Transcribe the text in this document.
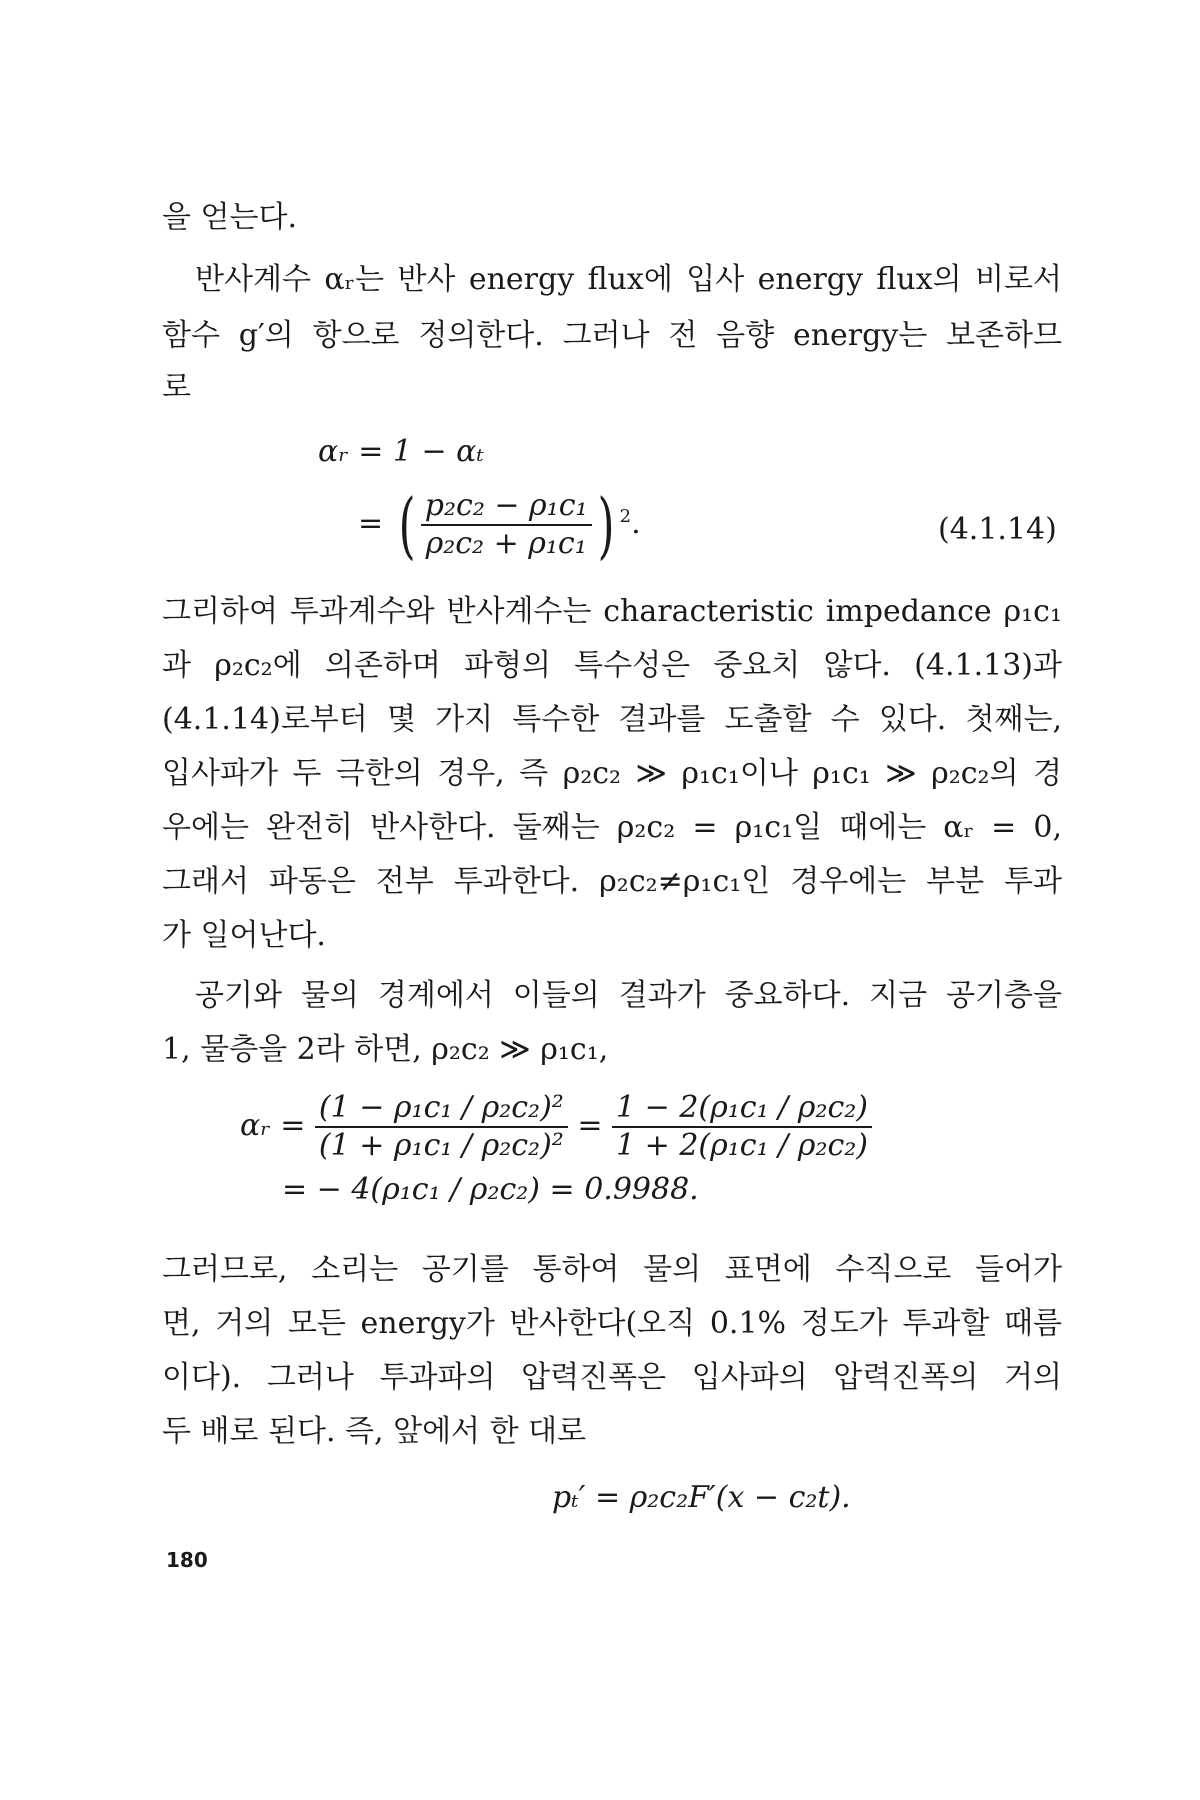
을 얻는다.
반사계수 αᵣ는 반사 energy flux에 입사 energy flux의 비로서
함수 g′의 항으로 정의한다. 그러나 전 음향 energy는 보존하므
로
αᵣ = 1 − αₜ
= ( $\frac{\text{p₂c₂ − ρ₁c₁}}{\text{ρ₂c₂ + ρ₁c₁}}$ ) $^2$.	(4.1.14)
그리하여 투과계수와 반사계수는 characteristic impedance ρ₁c₁
과 ρ₂c₂에 의존하며 파형의 특수성은 중요치 않다. (4.1.13)과
(4.1.14)로부터 몇 가지 특수한 결과를 도출할 수 있다. 첫째는,
입사파가 두 극한의 경우, 즉 ρ₂c₂ ≫ ρ₁c₁이나 ρ₁c₁ ≫ ρ₂c₂의 경
우에는 완전히 반사한다. 둘째는 ρ₂c₂ = ρ₁c₁일 때에는 αᵣ = 0,
그래서 파동은 전부 투과한다. ρ₂c₂≠ρ₁c₁인 경우에는 부분 투과
가 일어난다.
공기와 물의 경계에서 이들의 결과가 중요하다. 지금 공기층을
1, 물층을 2라 하면, ρ₂c₂ ≫ ρ₁c₁,
αᵣ = $\frac{\text{(1 − ρ₁c₁ / ρ₂c₂)²}}{\text{(1 + ρ₁c₁ / ρ₂c₂)²}} = \frac{\text{1 − 2(ρ₁c₁ / ρ₂c₂)}}{\text{1 + 2(ρ₁c₁ / ρ₂c₂)}}$
= − 4(ρ₁c₁ / ρ₂c₂) = 0.9988.
그러므로, 소리는 공기를 통하여 물의 표면에 수직으로 들어가
면, 거의 모든 energy가 반사한다(오직 0.1% 정도가 투과할 때름
이다). 그러나 투과파의 압력진폭은 입사파의 압력진폭의 거의
두 배로 된다. 즉, 앞에서 한 대로
pₜ′ = ρ₂c₂F′(x − c₂t).
180
